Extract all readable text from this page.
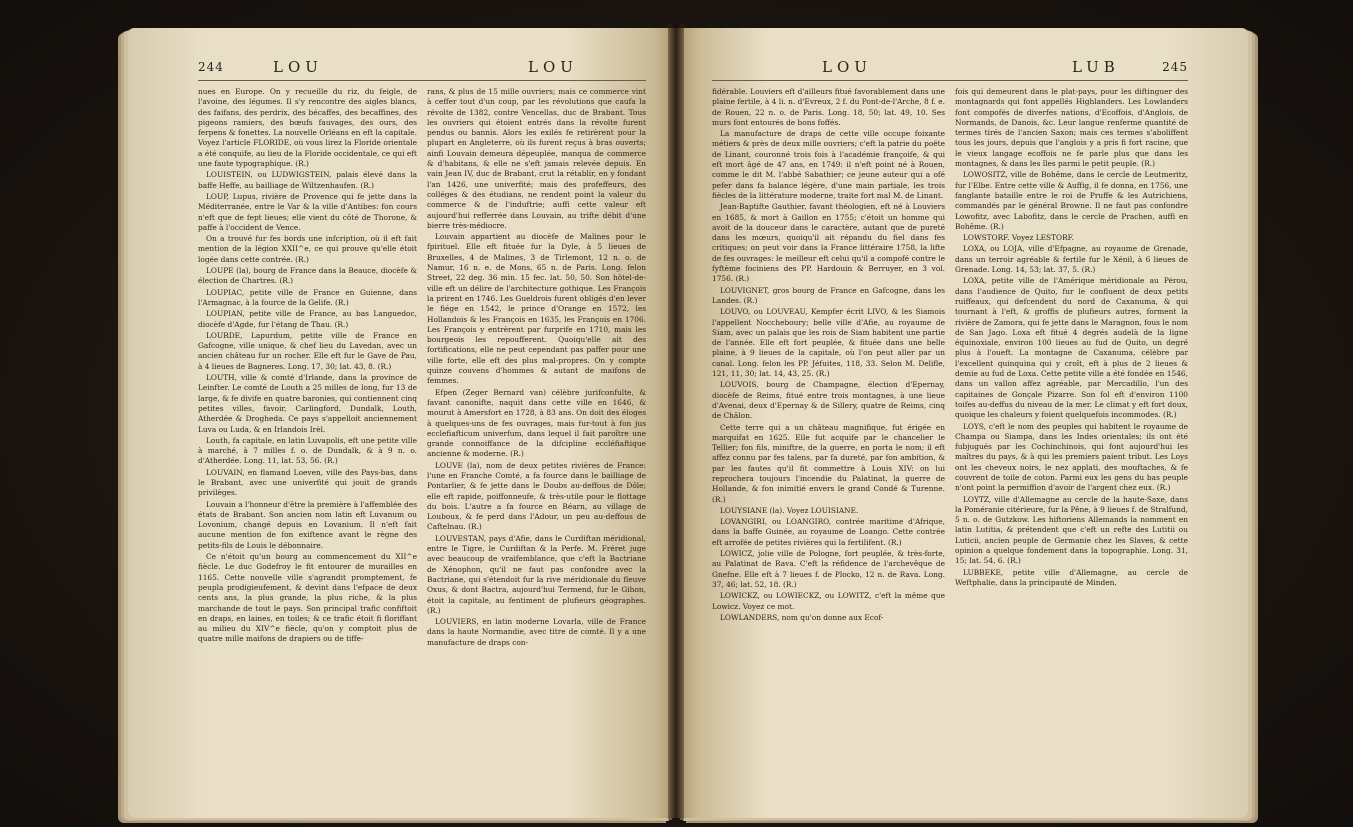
244	LOU	LOU

nues en Europe. On y recueille du riz, du feigle, de l'avoine, des légumes. Il s'y rencontre des aigles blancs, des faifans, des perdrix, des bécaffes, des becaffines, des pigeons ramiers, des bœufs fauvages, des ours, des ferpens & fonettes. La nouvelle Orléans en eft la capitale. Voyez l'article FLORIDE, où vous lirez la Floride orientale a été conquife, au lieu de la Floride occidentale, ce qui eft une faute typographique. (R.)

LOUISTEIN, ou LUDWIGSTEIN, palais élevé dans la baffe Heffe, au bailliage de Wiltzenhaufen. (R.)

LOUP, Lupus, rivière de Provence qui fe jette dans la Méditerranée, entre le Var & la ville d'Antibes: fon cours n'eft que de fept lieues; elle vient du côté de Thorone, & paffe à l'occident de Vence.

On a trouvé fur fes bords une infcription, où il eft fait mention de la légion XXII^e, ce qui prouve qu'elle étoit logée dans cette contrée. (R.)

LOUPE (la), bourg de France dans la Beauce, diocèfe & élection de Chartres. (R.)

LOUPIAC, petite ville de France en Guienne, dans l'Armagnac, à la fource de la Gelife. (R.)

LOUPIAN, petite ville de France, au bas Languedoc, diocèfe d'Agde, fur l'étang de Thau. (R.)

LOURDE, Lapurdum, petite ville de France en Gafcogne, ville unique, & chef lieu du Lavedan, avec un ancien château fur un rocher. Elle eft fur le Gave de Pau, à 4 lieues de Bagneres. Long. 17, 30; lat. 43, 8. (R.)

LOUTH, ville & comté d'Irlande, dans la province de Leinfter. Le comté de Louth a 25 milles de long, fur 13 de large, & fe divife en quatre baronies, qui contiennent cinq petites villes, favoir, Carlingford, Dundalk, Louth, Atherdée & Drogheda. Ce pays s'appelloit anciennement Luva ou Luda, & en Irlandois Irèl.

Louth, fa capitale, en latin Luvapolis, eft une petite ville à marché, à 7 milles f. o. de Dundalk, & à 9 n. o. d'Atherdée. Long. 11, lat. 53, 56. (R.)

LOUVAIN, en flamand Loeven, ville des Pays-bas, dans le Brabant, avec une univerfité qui jouit de grands privilèges.

Louvain a l'honneur d'être la première à l'affemblée des états de Brabant. Son ancien nom latin eft Luvanum ou Lovonium, changé depuis en Lovanium. Il n'eft fait aucune mention de fon exiftence avant le règne des petits-fils de Louis le débonnaire.

Ce n'étoit qu'un bourg au commencement du XII^e fiècle. Le duc Godefroy le fit entourer de murailles en 1165. Cette nouvelle ville s'agrandit promptement, fe peupla prodigieufement, & devint dans l'efpace de deux cents ans, la plus grande, la plus riche, & la plus marchande de tout le pays. Son principal trafic confiftoit en draps, en laines, en toiles; & ce trafic étoit fi floriffant au milieu du XIV^e fiècle, qu'on y comptoit plus de quatre mille maifons de drapiers ou de tiffe-

rans, & plus de 15 mille ouvriers; mais ce commerce vint à ceffer tout d'un coup, par les révolutions que caufa la révolte de 1382, contre Vencellas, duc de Brabant. Tous les ouvriers qui étoient entrés dans la révolte furent pendus ou bannis. Alors les exilés fe retirèrent pour la plupart en Angleterre, où ils furent reçus à bras ouverts; ainfi Louvain demeura dépeuplée, manqua de commerce & d'habitans, & elle ne s'eft jamais relevée depuis. En vain Jean IV, duc de Brabant, crut la rétablir, en y fondant l'an 1426, une univerfité; mais des profeffeurs, des colléges & des étudians, ne rendent point la valeur du commerce & de l'induftrie; auffi cette valeur eft aujourd'hui refferrée dans Louvain, au trifte débit d'une bierre très-médiocre.

Louvain appartient au diocèfe de Malines pour le fpirituel. Elle eft fituée fur la Dyle, à 5 lieues de Bruxelles, 4 de Malines, 3 de Tirlemont, 12 n. o. de Namur, 16 n. e. de Mons, 65 n. de Paris. Long. felon Street, 22 deg. 36 min. 15 fec. lat. 50, 50. Son hôtel-de-ville eft un délire de l'architecture gothique. Les François la prirent en 1746. Les Gueldrois furent obligés d'en lever le fiége en 1542, le prince d'Orange en 1572, les Hollandois & les François en 1635, les François en 1706. Les François y entrèrent par furprife en 1710, mais les bourgeois les repoufferent. Quoiqu'elle ait des fortifications, elle ne peut cependant pas paffer pour une ville forte, elle eft des plus mal-propres. On y compte quinze couvens d'hommes & autant de maifons de femmes.

Efpen (Zeger Bernard van) célèbre jurifconfulte, & favant canonifte, naquit dans cette ville en 1646, & mourut à Amersfort en 1728, à 83 ans. On doit des éloges à quelques-uns de fes ouvrages, mais fur-tout à fon jus ecclefiafticum univerfum, dans lequel il fait paroître une grande connoiffance de la difcipline eccléfiaftique ancienne & moderne. (R.)

LOUVE (la), nom de deux petites rivières de France: l'une en Franche Comté, a fa fource dans le bailliage de Pontarlier, & fe jette dans le Doubs au-deffous de Dôle; elle eft rapide, poiffonneufe, & très-utile pour le flottage du bois. L'autre a fa fource en Béarn, au village de Louboux, & fe perd dans l'Adour, un peu au-deffous de Caftelnau. (R.)

LOUVESTAN, pays d'Afie, dans le Curdiftan méridional, entre le Tigre, le Curdiftan & la Perfe. M. Fréret juge avec beaucoup de vraifemblance, que c'eft la Bactriane de Xénophon, qu'il ne faut pas confondre avec la Bactriane, qui s'étendoit fur la rive méridionale du fleuve Oxus, & dont Bactra, aujourd'hui Termend, fur le Gihon, étoit la capitale, au fentiment de plufieurs géographes. (R.)

LOUVIERS, en latin moderne Lovarla, ville de France dans la haute Normandie, avec titre de comté. Il y a une manufacture de draps con-

LOU	LUB	245

fidérable. Louviers eft d'ailleurs fitué favorablement dans une plaine fertile, à 4 li. n. d'Evreux, 2 f. du Pont-de-l'Arche, 8 f. e. de Rouen, 22 n. o. de Paris. Long. 18, 50; lat. 49, 10. Ses murs font entourés de bons foffés.

La manufacture de draps de cette ville occupe foixante métiers & près de deux mille ouvriers; c'eft la patrie du poëte de Linant, couronné trois fois à l'académie françoife, & qui eft mort âgé de 47 ans, en 1749: il n'eft point né à Rouen, comme le dit M. l'abbé Sabathier; ce jeune auteur qui a ofé pefer dans fa balance légère, d'une main partiale, les trois fiècles de la littérature moderne, traite fort mal M. de Linant.

Jean-Baptifte Gauthier, favant théologien, eft né à Louviers en 1685, & mort à Gaillon en 1755; c'étoit un homme qui avoit de la douceur dans le caractère, autant que de pureté dans les mœurs, quoiqu'il ait répandu du fiel dans fes critiques; on peut voir dans la France littéraire 1758, la lifte de fes ouvrages: le meilleur eft celui qu'il a compofé contre le fyftème fociniens des PP. Hardouin & Berruyer, en 3 vol. 1756. (R.)

LOUVIGNET, gros bourg de France en Gafcogne, dans les Landes. (R.)

LOUVO, ou LOUVEAU, Kempfer écrit LIVO, & les Siamois l'appellent Noccheboury; belle ville d'Afie, au royaume de Siam, avec un palais que les rois de Siam habitent une partie de l'année. Elle eft fort peuplée, & fituée dans une belle plaine, à 9 lieues de la capitale, où l'on peut aller par un canal. Long. felon les PP. Jéfuites, 118, 33. Selon M. Delifle, 121, 11, 30; lat. 14, 43, 25. (R.)

LOUVOIS, bourg de Champagne, élection d'Epernay, diocèfe de Reims, fitué entre trois montagnes, à une lieue d'Avenai, deux d'Epernay & de Sillery, quatre de Reims, cinq de Châlon.

Cette terre qui a un château magnifique, fut érigée en marquifat en 1625. Elle fut acquife par le chancelier le Tellier; fon fils, miniftre, de la guerre, en porta le nom; il eft affez connu par fes talens, par fa dureté, par fon ambition, & par les fautes qu'il fit commettre à Louis XIV: on lui reprochera toujours l'incendie du Palatinat, la guerre de Hollande, & fon inimitié envers le grand Condé & Turenne. (R.)

LOUYSIANE (la). Voyez LOUISIANE.

LOVANGIRI, ou LOANGIRO, contrée maritime d'Afrique, dans la baffe Guinée, au royaume de Loango. Cette contrée eft arrofée de petites rivières qui la fertilifent. (R.)

LOWICZ, jolie ville de Pologne, fort peuplée, & très-forte, au Palatinat de Rava. C'eft la réfidence de l'archevêque de Gnefne. Elle eft à 7 lieues f. de Plocko, 12 n. de Rava. Long. 37, 46; lat. 52, 18. (R.)

LOWICKZ, ou LOWIECKZ, ou LOWITZ, c'eft la même que Lowicz. Voyez ce mot.

LOWLANDERS, nom qu'on donne aux Ecof-

fois qui demeurent dans le plat-pays, pour les diftinguer des montagnards qui font appellés Highlanders. Les Lowlanders font compofés de diverfes nations, d'Ecoffois, d'Anglois, de Normands, de Danois, &c. Leur langue renferme quantité de termes tirés de l'ancien Saxon; mais ces termes s'aboliffent tous les jours, depuis que l'anglois y a pris fi fort racine, que le vieux langage ecoffois ne fe parle plus que dans les montagnes, & dans les îles parmi le petit peuple. (R.)

LOWOSITZ, ville de Bohême, dans le cercle de Leutmeritz, fur l'Elbe. Entre cette ville & Auffig, il fe donna, en 1756, une fanglante bataille entre le roi de Pruffe & les Autrichiens, commandés par le général Browne. Il ne faut pas confondre Lowofitz, avec Labofitz, dans le cercle de Prachen, auffi en Bohême. (R.)

LOWSTORF. Voyez LESTORF.

LOXA, ou LOJA, ville d'Efpagne, au royaume de Grenade, dans un terroir agréable & fertile fur le Xénil, à 6 lieues de Grenade. Long. 14, 53; lat. 37, 5. (R.)

LOXA, petite ville de l'Amérique méridionale au Pérou, dans l'audience de Quito, fur le confluent de deux petits ruiffeaux, qui defcendent du nord de Caxanuma, & qui tournant à l'eft, & groffis de plufieurs autres, forment la rivière de Zamora, qui fe jette dans le Maragnon, fous le nom de San Jago. Loxa eft fitué 4 degrés audelà de la ligne équinoxiale, environ 100 lieues au fud de Quito, un degré plus à l'oueft. La montagne de Caxanuma, célèbre par l'excellent quinquina qui y croît, eft à plus de 2 lieues & demie au fud de Loxa. Cette petite ville a été fondée en 1546, dans un vallon affez agréable, par Mercadillo, l'un des capitaines de Gonçale Pizarre. Son fol eft d'environ 1100 toifes au-deffus du niveau de la mer. Le climat y eft fort doux, quoique les chaleurs y foient quelquefois incommodes. (R.)

LOYS, c'eft le nom des peuples qui habitent le royaume de Champa ou Siampa, dans les Indes orientales; ils ont été fubjugués par les Cochinchinois, qui font aujourd'hui les maîtres du pays, & à qui les premiers paient tribut. Les Loys ont les cheveux noirs, le nez applati, des mouftaches, & fe couvrent de toile de coton. Parmi eux les gens du bas peuple n'ont point la permiffion d'avoir de l'argent chez eux. (R.)

LOYTZ, ville d'Allemagne au cercle de la haute-Saxe, dans la Poméranie citérieure, fur la Pêne, à 9 lieues f. de Stralfund, 5 n. o. de Gutzkow. Les hiftoriens Allemands la nomment en latin Lutitia, & prétendent que c'eft un refte des Lutitii ou Luticii, ancien peuple de Germanie chez les Slaves, & cette opinion a quelque fondement dans la topographie. Long. 31, 15; lat. 54, 6. (R.)

LUBBEKE, petite ville d'Allemagne, au cercle de Weftphalie, dans la principauté de Minden,
